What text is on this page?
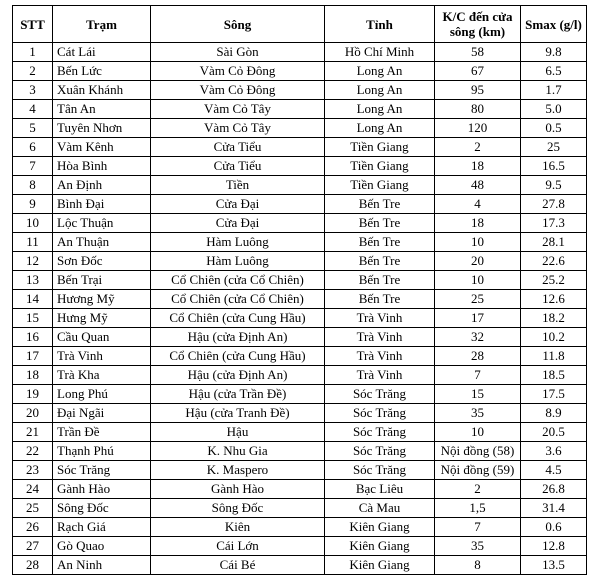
STT	Trạm	Sông	Tỉnh	K/C đến cửa sông (km)	Smax (g/l)
1	Cát Lái	Sài Gòn	Hồ Chí Minh	58	9.8
2	Bến Lức	Vàm Cỏ Đông	Long An	67	6.5
3	Xuân Khánh	Vàm Cỏ Đông	Long An	95	1.7
4	Tân An	Vàm Cỏ Tây	Long An	80	5.0
5	Tuyên Nhơn	Vàm Cỏ Tây	Long An	120	0.5
6	Vàm Kênh	Cửa Tiểu	Tiền Giang	2	25
7	Hòa Bình	Cửa Tiểu	Tiền Giang	18	16.5
8	An Định	Tiền	Tiền Giang	48	9.5
9	Bình Đại	Cửa Đại	Bến Tre	4	27.8
10	Lộc Thuận	Cửa Đại	Bến Tre	18	17.3
11	An Thuận	Hàm Luông	Bến Tre	10	28.1
12	Sơn Đốc	Hàm Luông	Bến Tre	20	22.6
13	Bến Trại	Cổ Chiên (cửa Cổ Chiên)	Bến Tre	10	25.2
14	Hương Mỹ	Cổ Chiên (cửa Cổ Chiên)	Bến Tre	25	12.6
15	Hưng Mỹ	Cổ Chiên (cửa Cung Hầu)	Trà Vinh	17	18.2
16	Cầu Quan	Hậu (cửa Định An)	Trà Vinh	32	10.2
17	Trà Vinh	Cổ Chiên (cửa Cung Hầu)	Trà Vinh	28	11.8
18	Trà Kha	Hậu (cửa Định An)	Trà Vinh	7	18.5
19	Long Phú	Hậu (cửa Trần Đề)	Sóc Trăng	15	17.5
20	Đại Ngãi	Hậu (cửa Tranh Đề)	Sóc Trăng	35	8.9
21	Trần Đề	Hậu	Sóc Trăng	10	20.5
22	Thạnh Phú	K. Nhu Gia	Sóc Trăng	Nội đồng (58)	3.6
23	Sóc Trăng	K. Maspero	Sóc Trăng	Nội đồng (59)	4.5
24	Gành Hào	Gành Hào	Bạc Liêu	2	26.8
25	Sông Đốc	Sông Đốc	Cà Mau	1,5	31.4
26	Rạch Giá	Kiên	Kiên Giang	7	0.6
27	Gò Quao	Cái Lớn	Kiên Giang	35	12.8
28	An Ninh	Cái Bé	Kiên Giang	8	13.5
